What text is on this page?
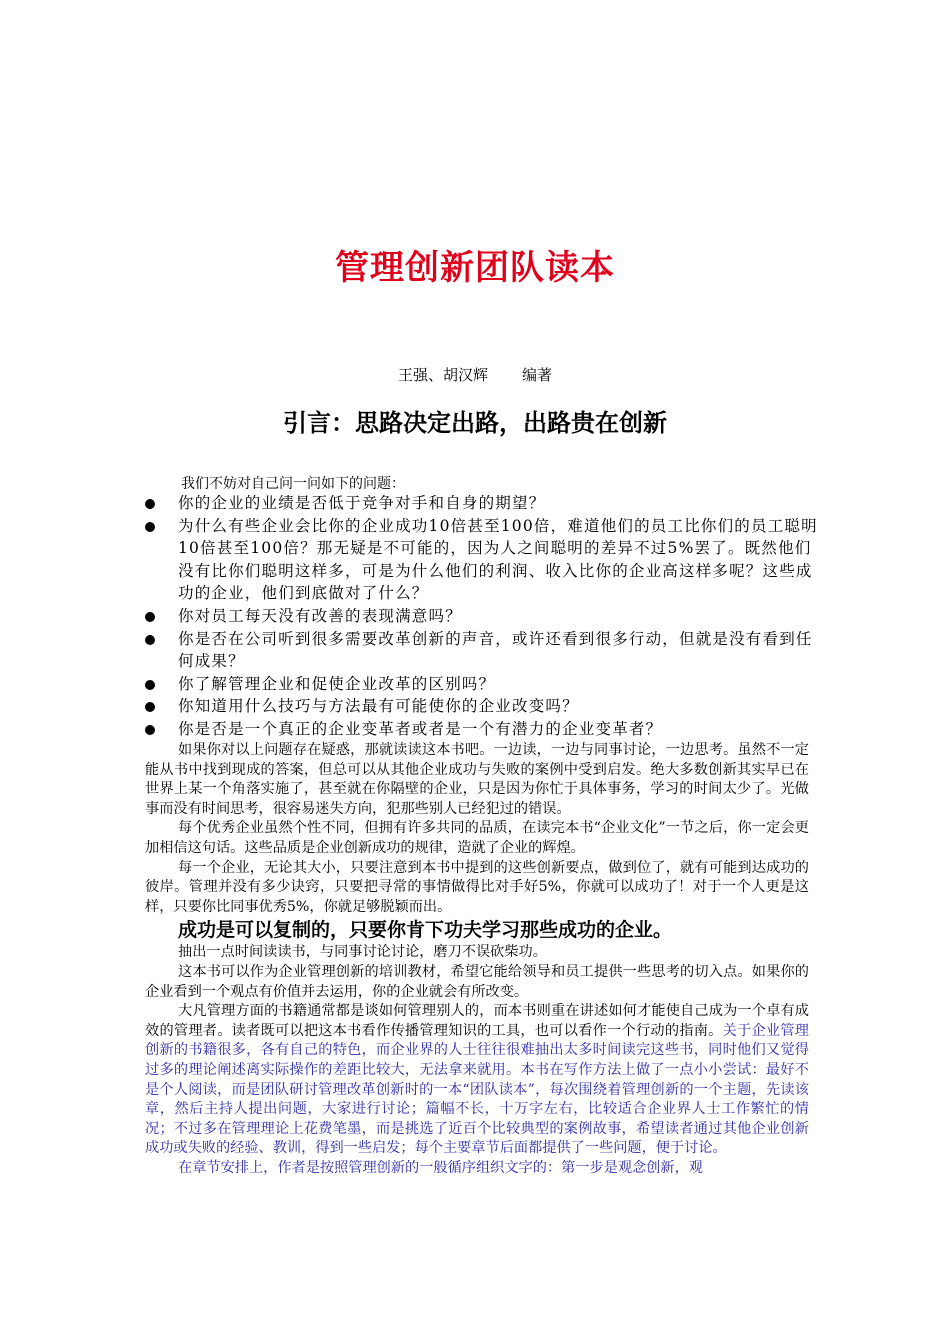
管理创新团队读本
王强、胡汉辉 编著
引言：思路决定出路，出路贵在创新
我们不妨对自己问一问如下的问题：
你的企业的业绩是否低于竞争对手和自身的期望？
为什么有些企业会比你的企业成功10倍甚至100倍，难道他们的员工比你们的员工聪明10倍甚至100倍？那无疑是不可能的，因为人之间聪明的差异不过5%罢了。既然他们没有比你们聪明这样多，可是为什么他们的利润、收入比你的企业高这样多呢？这些成功的企业，他们到底做对了什么？
你对员工每天没有改善的表现满意吗？
你是否在公司听到很多需要改革创新的声音，或许还看到很多行动，但就是没有看到任何成果？
你了解管理企业和促使企业改革的区别吗？
你知道用什么技巧与方法最有可能使你的企业改变吗？
你是否是一个真正的企业变革者或者是一个有潜力的企业变革者？

如果你对以上问题存在疑惑，那就读读这本书吧。一边读，一边与同事讨论，一边思考。虽然不一定能从书中找到现成的答案，但总可以从其他企业成功与失败的案例中受到启发。绝大多数创新其实早已在世界上某一个角落实施了，甚至就在你隔壁的企业，只是因为你忙于具体事务，学习的时间太少了。光做事而没有时间思考，很容易迷失方向，犯那些别人已经犯过的错误。

每个优秀企业虽然个性不同，但拥有许多共同的品质，在读完本书“企业文化”一节之后，你一定会更加相信这句话。这些品质是企业创新成功的规律，造就了企业的辉煌。

每一个企业，无论其大小，只要注意到本书中提到的这些创新要点，做到位了，就有可能到达成功的彼岸。管理并没有多少诀窍，只要把寻常的事情做得比对手好5%，你就可以成功了！对于一个人更是这样，只要你比同事优秀5%，你就足够脱颖而出。

成功是可以复制的，只要你肯下功夫学习那些成功的企业。

抽出一点时间读读书，与同事讨论讨论，磨刀不误砍柴功。

这本书可以作为企业管理创新的培训教材，希望它能给领导和员工提供一些思考的切入点。如果你的企业看到一个观点有价值并去运用，你的企业就会有所改变。

大凡管理方面的书籍通常都是谈如何管理别人的，而本书则重在讲述如何才能使自己成为一个卓有成效的管理者。读者既可以把这本书看作传播管理知识的工具，也可以看作一个行动的指南。关于企业管理创新的书籍很多，各有自己的特色，而企业界的人士往往很难抽出太多时间读完这些书，同时他们又觉得过多的理论阐述离实际操作的差距比较大，无法拿来就用。本书在写作方法上做了一点小小尝试：最好不是个人阅读，而是团队研讨管理改革创新时的一本“团队读本”，每次围绕着管理创新的一个主题，先读该章，然后主持人提出问题，大家进行讨论；篇幅不长，十万字左右，比较适合企业界人士工作繁忙的情况；不过多在管理理论上花费笔墨，而是挑选了近百个比较典型的案例故事，希望读者通过其他企业创新成功或失败的经验、教训，得到一些启发；每个主要章节后面都提供了一些问题，便于讨论。

在章节安排上，作者是按照管理创新的一般循序组织文字的：第一步是观念创新，观
